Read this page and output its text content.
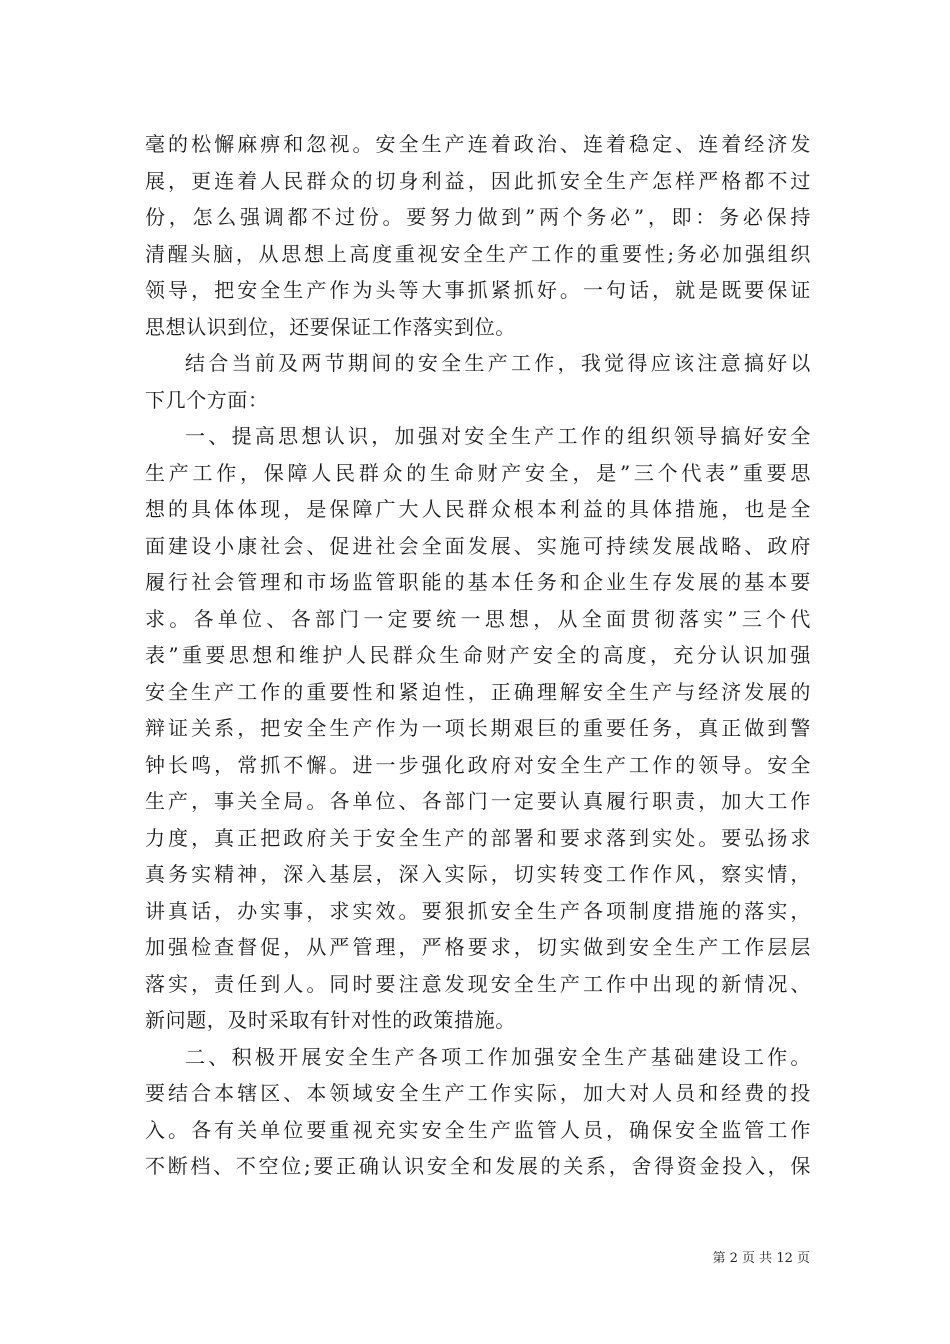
毫的松懈麻痹和忽视。安全生产连着政治、连着稳定、连着经济发
展，更连着人民群众的切身利益，因此抓安全生产怎样严格都不过
份，怎么强调都不过份。要努力做到”两个务必”，即：务必保持
清醒头脑，从思想上高度重视安全生产工作的重要性;务必加强组织
领导，把安全生产作为头等大事抓紧抓好。一句话，就是既要保证
思想认识到位，还要保证工作落实到位。
结合当前及两节期间的安全生产工作，我觉得应该注意搞好以
下几个方面：
一、提高思想认识，加强对安全生产工作的组织领导搞好安全
生产工作，保障人民群众的生命财产安全，是”三个代表”重要思
想的具体体现，是保障广大人民群众根本利益的具体措施，也是全
面建设小康社会、促进社会全面发展、实施可持续发展战略、政府
履行社会管理和市场监管职能的基本任务和企业生存发展的基本要
求。各单位、各部门一定要统一思想，从全面贯彻落实”三个代
表”重要思想和维护人民群众生命财产安全的高度，充分认识加强
安全生产工作的重要性和紧迫性，正确理解安全生产与经济发展的
辩证关系，把安全生产作为一项长期艰巨的重要任务，真正做到警
钟长鸣，常抓不懈。进一步强化政府对安全生产工作的领导。安全
生产，事关全局。各单位、各部门一定要认真履行职责，加大工作
力度，真正把政府关于安全生产的部署和要求落到实处。要弘扬求
真务实精神，深入基层，深入实际，切实转变工作作风，察实情，
讲真话，办实事，求实效。要狠抓安全生产各项制度措施的落实，
加强检查督促，从严管理，严格要求，切实做到安全生产工作层层
落实，责任到人。同时要注意发现安全生产工作中出现的新情况、
新问题，及时采取有针对性的政策措施。
二、积极开展安全生产各项工作加强安全生产基础建设工作。
要结合本辖区、本领域安全生产工作实际，加大对人员和经费的投
入。各有关单位要重视充实安全生产监管人员，确保安全监管工作
不断档、不空位;要正确认识安全和发展的关系，舍得资金投入，保
第 2 页 共 12 页
